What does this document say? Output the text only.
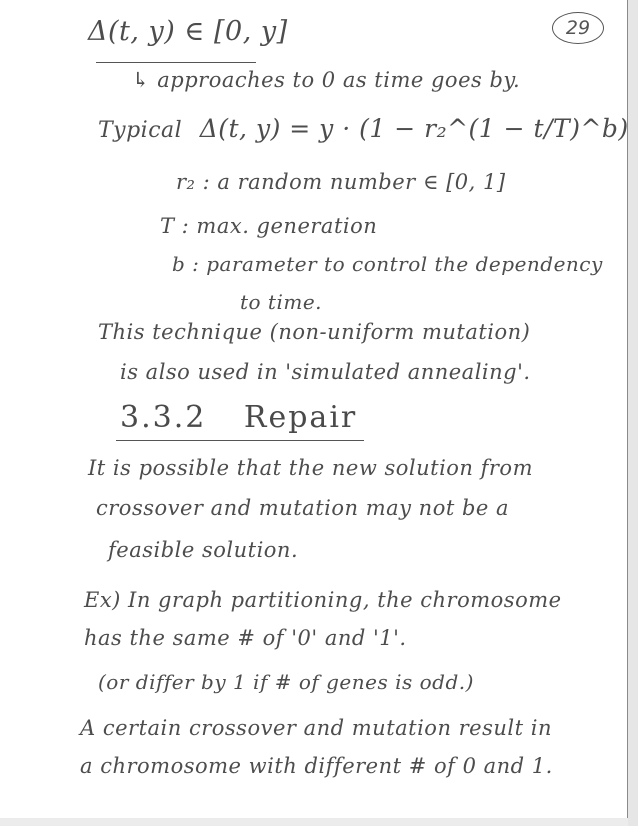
29
Δ(t, y) ∈ [0, y]
↳ approaches to 0 as time goes by.
Typical Δ(t, y) = y · (1 − r₂^(1 − t/T)^b)
r₂ : a random number ∈ [0, 1]
T : max. generation
b : parameter to control the dependency
to time.
This technique (non-uniform mutation)
is also used in 'simulated annealing'.
3.3.2 Repair
It is possible that the new solution from
crossover and mutation may not be a
feasible solution.
Ex) In graph partitioning, the chromosome
has the same # of '0' and '1'.
(or differ by 1 if # of genes is odd.)
A certain crossover and mutation result in
a chromosome with different # of 0 and 1.
